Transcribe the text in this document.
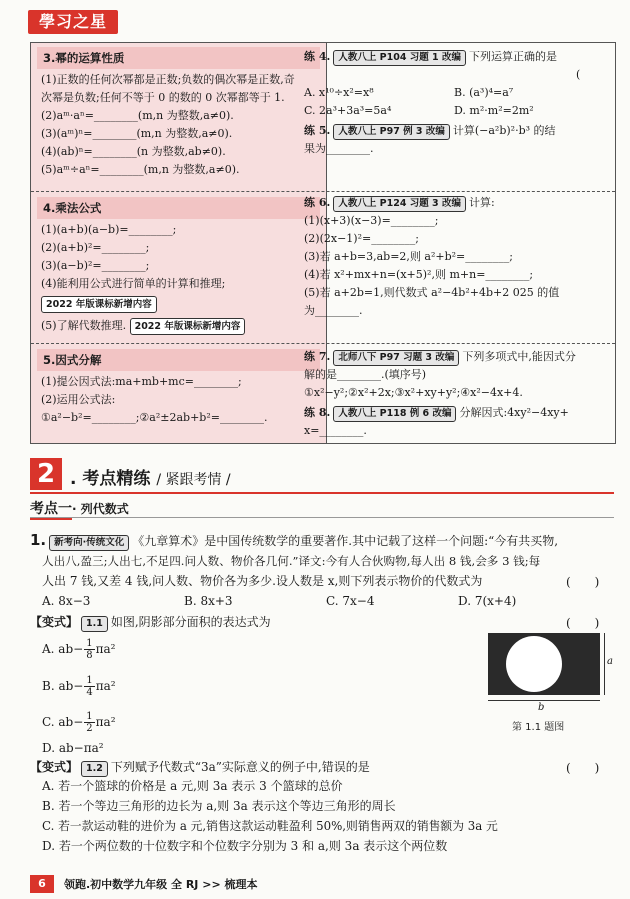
學习之星
3.幂的运算性质
(1)正数的任何次幂都是正数;负数的偶次幂是正数,奇
次幂是负数;任何不等于 0 的数的 0 次幂都等于 1.
(2)aᵐ·aⁿ=________(m,n 为整数,a≠0).
(3)(aᵐ)ⁿ=________(m,n 为整数,a≠0).
(4)(ab)ⁿ=________(n 为整数,ab≠0).
(5)aᵐ÷aⁿ=________(m,n 为整数,a≠0).
4.乘法公式
(1)(a+b)(a−b)=________;
(2)(a+b)²=________;
(3)(a−b)²=________;
(4)能利用公式进行简单的计算和推理;
2022 年版课标新增内容
(5)了解代数推理. 2022 年版课标新增内容
5.因式分解
(1)提公因式法:ma+mb+mc=________;
(2)运用公式法:
①a²−b²=________;②a²±2ab+b²=________.
练 4. 人教八上 P104 习题 1 改编 下列运算正确的是
(
A. x¹⁰÷x²=x⁸	B. (a³)⁴=a⁷
C. 2a³+3a³=5a⁴	D. m²·m²=2m²
练 5. 人教八上 P97 例 3 改编 计算(−a²b)²·b³ 的结
果为________.
练 6. 人教八上 P124 习题 3 改编 计算:
(1)(x+3)(x−3)=________;
(2)(2x−1)²=________;
(3)若 a+b=3,ab=2,则 a²+b²=________;
(4)若 x²+mx+n=(x+5)²,则 m+n=________;
(5)若 a+2b=1,则代数式 a²−4b²+4b+2 025 的值
为________.
练 7. 北师八下 P97 习题 3 改编 下列多项式中,能因式分
解的是________.(填序号)
①x²−y²;②x²+2x;③x²+xy+y²;④x²−4x+4.
练 8. 人教八上 P118 例 6 改编 分解因式:4xy²−4xy+
x=________.
2 . 考点精练 / 紧跟考情 /
考点一· 列代数式
1. 新考向·传统文化 《九章算术》是中国传统数学的重要著作.其中记载了这样一个问题:“今有共买物,
人出八,盈三;人出七,不足四.问人数、物价各几何.”译文:今有人合伙购物,每人出 8 钱,会多 3 钱;每
人出 7 钱,又差 4 钱,问人数、物价各为多少.设人数是 x,则下列表示物价的代数式为	(　　)
A. 8x−3	B. 8x+3	C. 7x−4	D. 7(x+4)
【变式】 1.1 如图,阴影部分面积的表达式为	(　　)
A. $ab- \frac{1}{8} \pi a^2$
B. $ab- \frac{1}{4} \pi a^2$
C. $ab- \frac{1}{2} \pi a^2$
D. ab−πa²
a
b
第 1.1 题图
【变式】 1.2 下列赋予代数式“3a”实际意义的例子中,错误的是	(　　)
A. 若一个篮球的价格是 a 元,则 3a 表示 3 个篮球的总价
B. 若一个等边三角形的边长为 a,则 3a 表示这个等边三角形的周长
C. 若一款运动鞋的进价为 a 元,销售这款运动鞋盈利 50%,则销售两双的销售额为 3a 元
D. 若一个两位数的十位数字和个位数字分别为 3 和 a,则 3a 表示这个两位数
6	领跑.初中数学九年级 全 RJ >> 梳理本
